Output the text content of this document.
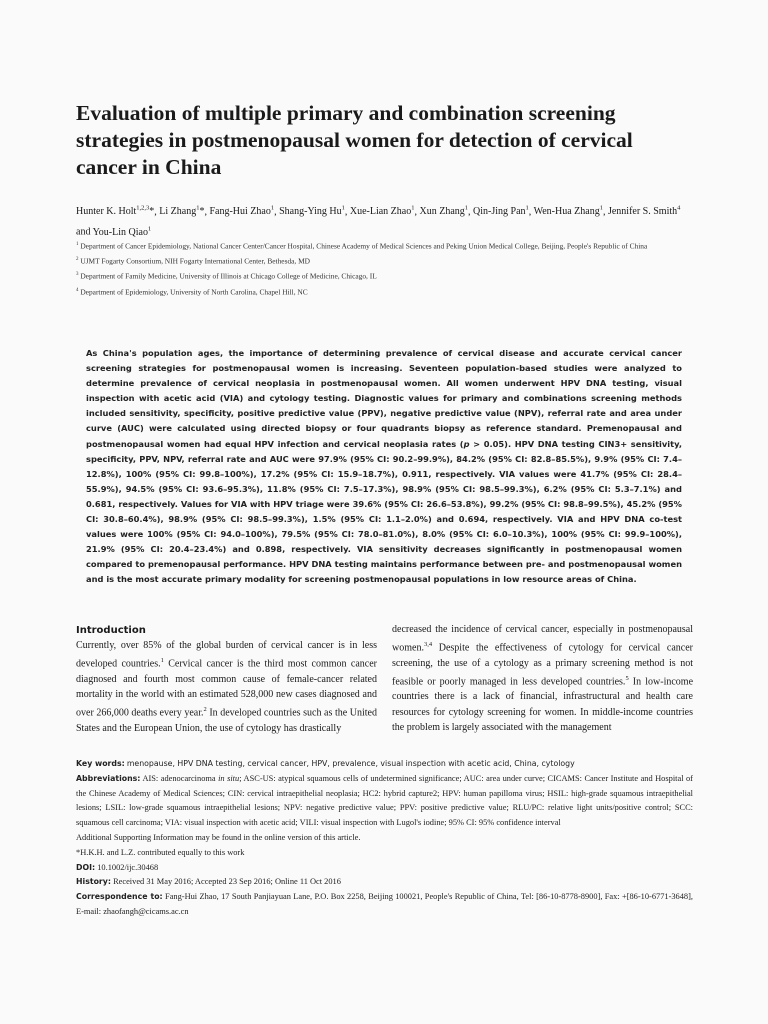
Evaluation of multiple primary and combination screening strategies in postmenopausal women for detection of cervical cancer in China
Hunter K. Holt$^{1,2,3}$*, Li Zhang$^1$*, Fang-Hui Zhao$^1$, Shang-Ying Hu$^1$, Xue-Lian Zhao$^1$, Xun Zhang$^1$, Qin-Jing Pan$^1$, Wen-Hua Zhang$^1$, Jennifer S. Smith$^4$ and You-Lin Qiao$^1$
$^1$ Department of Cancer Epidemiology, National Cancer Center/Cancer Hospital, Chinese Academy of Medical Sciences and Peking Union Medical College, Beijing, People's Republic of China
$^2$ UJMT Fogarty Consortium, NIH Fogarty International Center, Bethesda, MD
$^3$ Department of Family Medicine, University of Illinois at Chicago College of Medicine, Chicago, IL
$^4$ Department of Epidemiology, University of North Carolina, Chapel Hill, NC
As China's population ages, the importance of determining prevalence of cervical disease and accurate cervical cancer screening strategies for postmenopausal women is increasing. Seventeen population-based studies were analyzed to determine prevalence of cervical neoplasia in postmenopausal women. All women underwent HPV DNA testing, visual inspection with acetic acid (VIA) and cytology testing. Diagnostic values for primary and combinations screening methods included sensitivity, specificity, positive predictive value (PPV), negative predictive value (NPV), referral rate and area under curve (AUC) were calculated using directed biopsy or four quadrants biopsy as reference standard. Premenopausal and postmenopausal women had equal HPV infection and cervical neoplasia rates (p > 0.05). HPV DNA testing CIN3+ sensitivity, specificity, PPV, NPV, referral rate and AUC were 97.9% (95% CI: 90.2–99.9%), 84.2% (95% CI: 82.8–85.5%), 9.9% (95% CI: 7.4–12.8%), 100% (95% CI: 99.8–100%), 17.2% (95% CI: 15.9–18.7%), 0.911, respectively. VIA values were 41.7% (95% CI: 28.4–55.9%), 94.5% (95% CI: 93.6–95.3%), 11.8% (95% CI: 7.5–17.3%), 98.9% (95% CI: 98.5–99.3%), 6.2% (95% CI: 5.3–7.1%) and 0.681, respectively. Values for VIA with HPV triage were 39.6% (95% CI: 26.6–53.8%), 99.2% (95% CI: 98.8–99.5%), 45.2% (95% CI: 30.8–60.4%), 98.9% (95% CI: 98.5–99.3%), 1.5% (95% CI: 1.1–2.0%) and 0.694, respectively. VIA and HPV DNA co-test values were 100% (95% CI: 94.0–100%), 79.5% (95% CI: 78.0–81.0%), 8.0% (95% CI: 6.0–10.3%), 100% (95% CI: 99.9–100%), 21.9% (95% CI: 20.4–23.4%) and 0.898, respectively. VIA sensitivity decreases significantly in postmenopausal women compared to premenopausal performance. HPV DNA testing maintains performance between pre- and postmenopausal women and is the most accurate primary modality for screening postmenopausal populations in low resource areas of China.
Introduction
Currently, over 85% of the global burden of cervical cancer is in less developed countries.$^1$ Cervical cancer is the third most common cancer diagnosed and fourth most common cause of female-cancer related mortality in the world with an estimated 528,000 new cases diagnosed and over 266,000 deaths every year.$^2$ In developed countries such as the United States and the European Union, the use of cytology has drastically
decreased the incidence of cervical cancer, especially in postmenopausal women.$^{3,4}$ Despite the effectiveness of cytology for cervical cancer screening, the use of a cytology as a primary screening method is not feasible or poorly managed in less developed countries.$^5$ In low-income countries there is a lack of financial, infrastructural and health care resources for cytology screening for women. In middle-income countries the problem is largely associated with the management
Key words: menopause, HPV DNA testing, cervical cancer, HPV, prevalence, visual inspection with acetic acid, China, cytology
Abbreviations: AIS: adenocarcinoma in situ; ASC-US: atypical squamous cells of undetermined significance; AUC: area under curve; CICAMS: Cancer Institute and Hospital of the Chinese Academy of Medical Sciences; CIN: cervical intraepithelial neoplasia; HC2: hybrid capture2; HPV: human papilloma virus; HSIL: high-grade squamous intraepithelial lesions; LSIL: low-grade squamous intraepithelial lesions; NPV: negative predictive value; PPV: positive predictive value; RLU/PC: relative light units/positive control; SCC: squamous cell carcinoma; VIA: visual inspection with acetic acid; VILI: visual inspection with Lugol's iodine; 95% CI: 95% confidence interval
Additional Supporting Information may be found in the online version of this article.
*H.K.H. and L.Z. contributed equally to this work
DOI: 10.1002/ijc.30468
History: Received 31 May 2016; Accepted 23 Sep 2016; Online 11 Oct 2016
Correspondence to: Fang-Hui Zhao, 17 South Panjiayuan Lane, P.O. Box 2258, Beijing 100021, People's Republic of China, Tel: [86-10-8778-8900], Fax: +[86-10-6771-3648], E-mail: zhaofangh@cicams.ac.cn
